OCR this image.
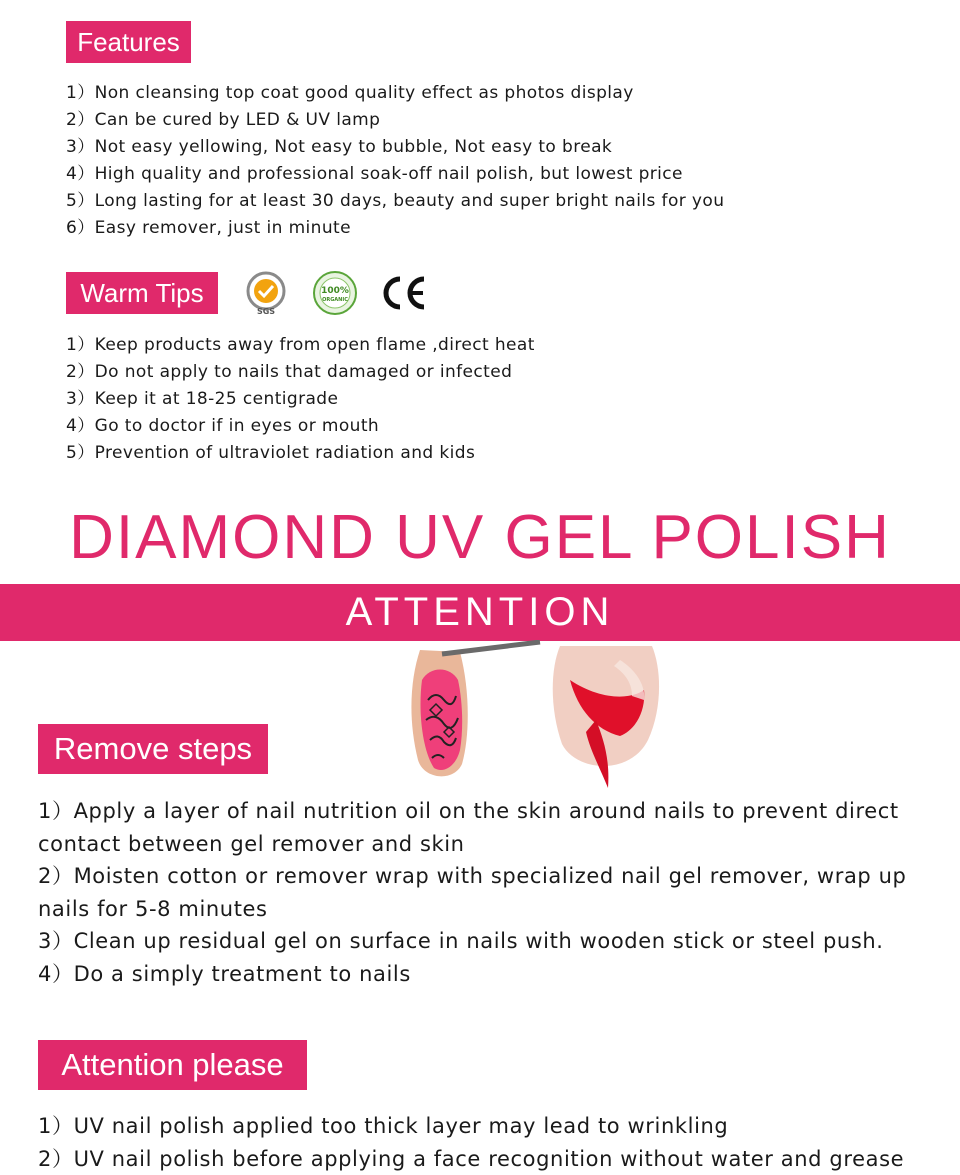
Features
1）Non cleansing top coat good quality effect as photos display
2）Can be cured by LED & UV lamp
3）Not easy yellowing, Not easy to bubble, Not easy to break
4）High quality and professional soak-off nail polish, but lowest price
5）Long lasting for at least 30 days, beauty and super bright nails for you
6）Easy remover, just in minute
Warm Tips
SGS
100%
ORGANIC
1）Keep products away from open flame ,direct heat
2）Do not apply to nails that damaged or infected
3）Keep it at 18-25 centigrade
4）Go to doctor if in eyes or mouth
5）Prevention of ultraviolet radiation and kids
DIAMOND UV GEL POLISH
ATTENTION
Remove steps
1）Apply a layer of nail nutrition oil on the skin around nails to prevent direct contact between gel remover and skin
2）Moisten cotton or remover wrap with specialized nail gel remover, wrap up nails for 5-8 minutes
3）Clean up residual gel on surface in nails with wooden stick or steel push.
4）Do a simply treatment to nails
Attention please
1）UV nail polish applied too thick layer may lead to wrinkling
2）UV nail polish before applying a face recognition without water and grease
